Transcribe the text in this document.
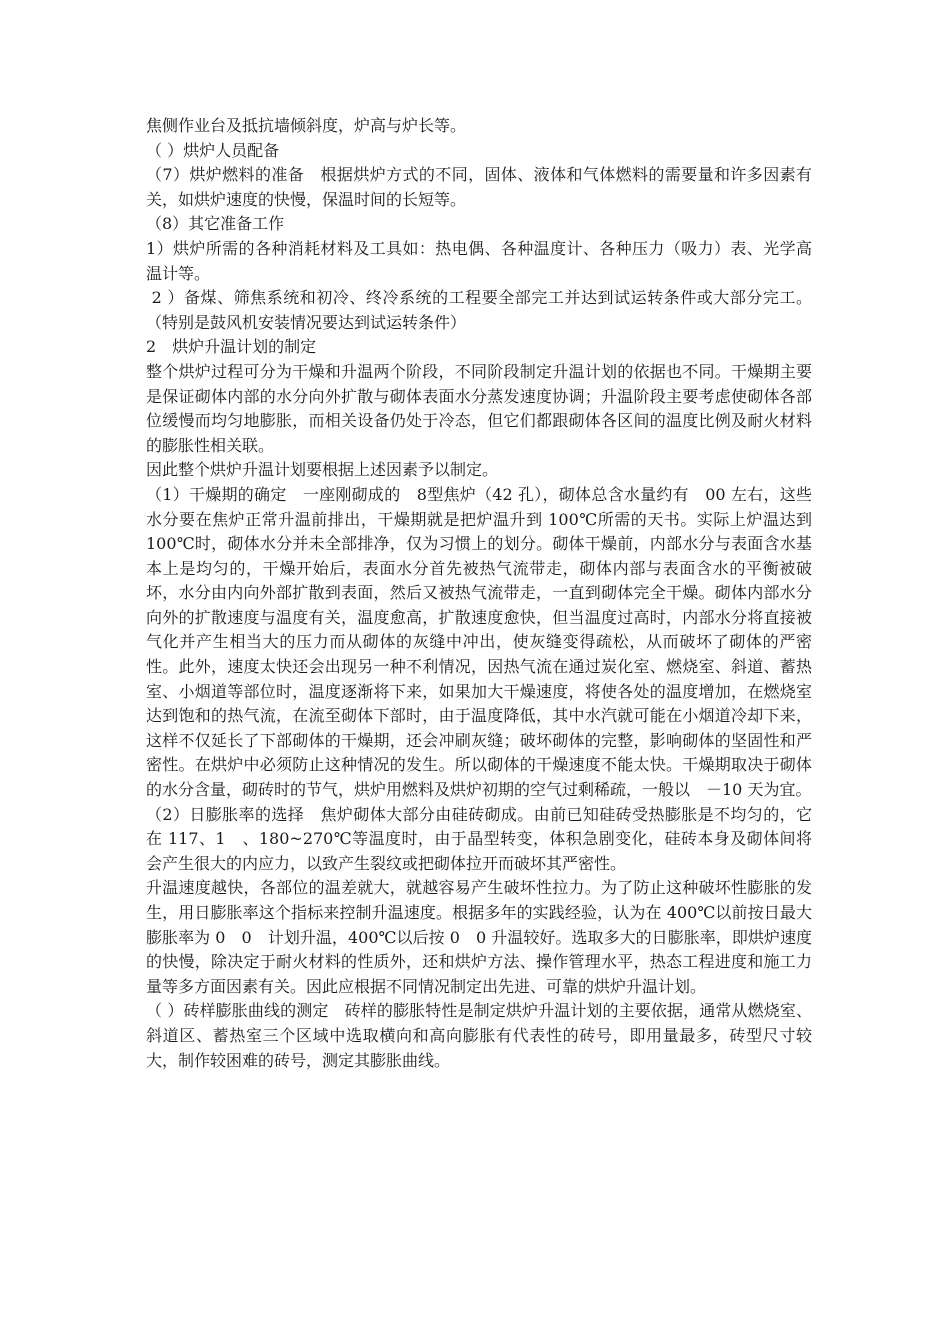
焦侧作业台及抵抗墙倾斜度，炉高与炉长等。

（ ）烘炉人员配备

（7）烘炉燃料的准备　根据烘炉方式的不同，固体、液体和气体燃料的需要量和许多因素有关，如烘炉速度的快慢，保温时间的长短等。

（8）其它准备工作

1）烘炉所需的各种消耗材料及工具如：热电偶、各种温度计、各种压力（吸力）表、光学高温计等。

2 ）备煤、筛焦系统和初冷、终冷系统的工程要全部完工并达到试运转条件或大部分完工。（特别是鼓风机安装情况要达到试运转条件）

2　烘炉升温计划的制定

整个烘炉过程可分为干燥和升温两个阶段，不同阶段制定升温计划的依据也不同。干燥期主要是保证砌体内部的水分向外扩散与砌体表面水分蒸发速度协调；升温阶段主要考虑使砌体各部位缓慢而均匀地膨胀，而相关设备仍处于冷态，但它们都跟砌体各区间的温度比例及耐火材料的膨胀性相关联。

因此整个烘炉升温计划要根据上述因素予以制定。

（1）干燥期的确定　一座刚砌成的　8型焦炉（42 孔），砌体总含水量约有　00 左右，这些水分要在焦炉正常升温前排出，干燥期就是把炉温升到 100℃所需的天书。实际上炉温达到 100℃时，砌体水分并未全部排净，仅为习惯上的划分。砌体干燥前，内部水分与表面含水基本上是均匀的，干燥开始后，表面水分首先被热气流带走，砌体内部与表面含水的平衡被破坏，水分由内向外部扩散到表面，然后又被热气流带走，一直到砌体完全干燥。砌体内部水分向外的扩散速度与温度有关，温度愈高，扩散速度愈快，但当温度过高时，内部水分将直接被气化并产生相当大的压力而从砌体的灰缝中冲出，使灰缝变得疏松，从而破坏了砌体的严密性。此外，速度太快还会出现另一种不利情况，因热气流在通过炭化室、燃烧室、斜道、蓄热室、小烟道等部位时，温度逐渐将下来，如果加大干燥速度，将使各处的温度增加，在燃烧室达到饱和的热气流，在流至砌体下部时，由于温度降低，其中水汽就可能在小烟道冷却下来，这样不仅延长了下部砌体的干燥期，还会冲刷灰缝；破坏砌体的完整，影响砌体的坚固性和严密性。在烘炉中必须防止这种情况的发生。所以砌体的干燥速度不能太快。干燥期取决于砌体的水分含量，砌砖时的节气，烘炉用燃料及烘炉初期的空气过剩稀疏，一般以　－10 天为宜。

（2）日膨胀率的选择　焦炉砌体大部分由硅砖砌成。由前已知硅砖受热膨胀是不均匀的，它在 117、1　、180~270℃等温度时，由于晶型转变，体积急剧变化，硅砖本身及砌体间将会产生很大的内应力，以致产生裂纹或把砌体拉开而破坏其严密性。

升温速度越快，各部位的温差就大，就越容易产生破坏性拉力。为了防止这种破坏性膨胀的发生，用日膨胀率这个指标来控制升温速度。根据多年的实践经验，认为在 400℃以前按日最大膨胀率为 0　0　计划升温，400℃以后按 0　0 升温较好。选取多大的日膨胀率，即烘炉速度的快慢，除决定于耐火材料的性质外，还和烘炉方法、操作管理水平，热态工程进度和施工力量等多方面因素有关。因此应根据不同情况制定出先进、可靠的烘炉升温计划。

（ ）砖样膨胀曲线的测定　砖样的膨胀特性是制定烘炉升温计划的主要依据，通常从燃烧室、斜道区、蓄热室三个区域中选取横向和高向膨胀有代表性的砖号，即用量最多，砖型尺寸较大，制作较困难的砖号，测定其膨胀曲线。
